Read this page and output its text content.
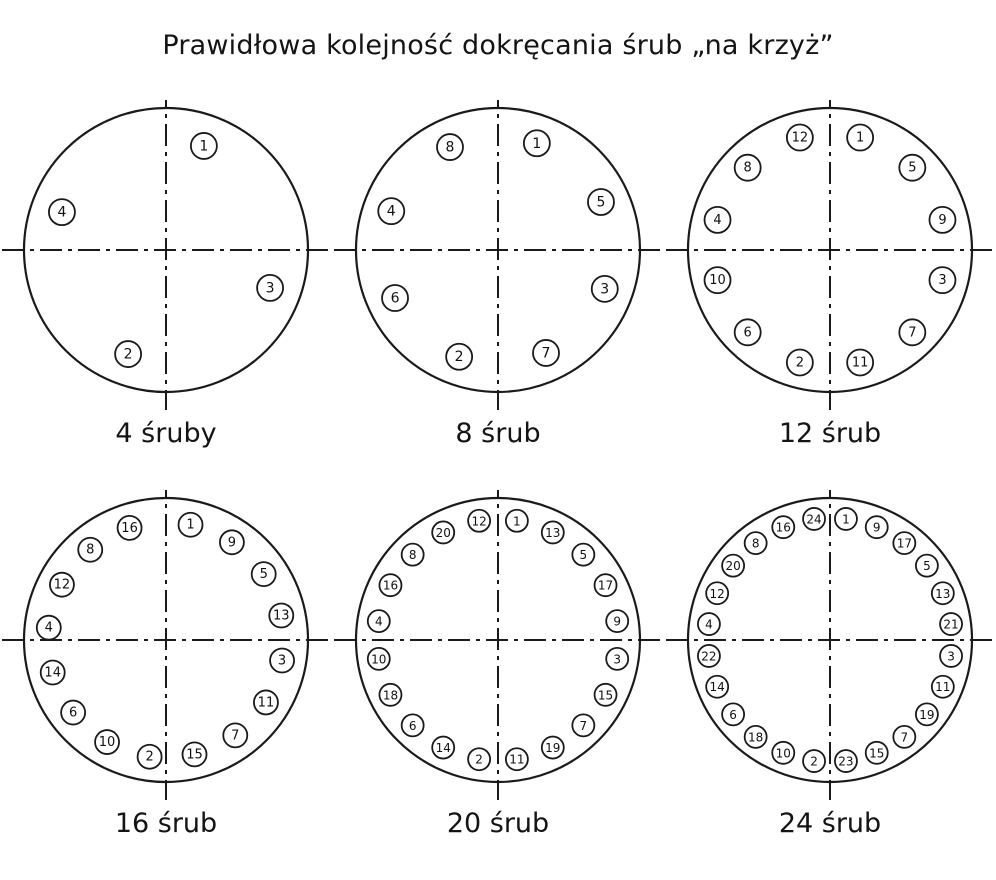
Prawidłowa kolejność dokręcania śrub „na krzyż”
1
3
2
4
4 śruby
1
5
3
7
2
6
4
8
8 śrub
1
5
9
3
7
11
2
6
10
4
8
12
12 śrub
1
9
5
13
3
11
7
15
2
10
6
14
4
12
8
16
16 śrub
1
13
5
17
9
3
15
7
19
11
2
14
6
18
10
4
16
8
20
12
20 śrub
1
9
17
5
13
21
3
11
19
7
15
23
2
10
18
6
14
22
4
12
20
8
16
24
24 śrub
